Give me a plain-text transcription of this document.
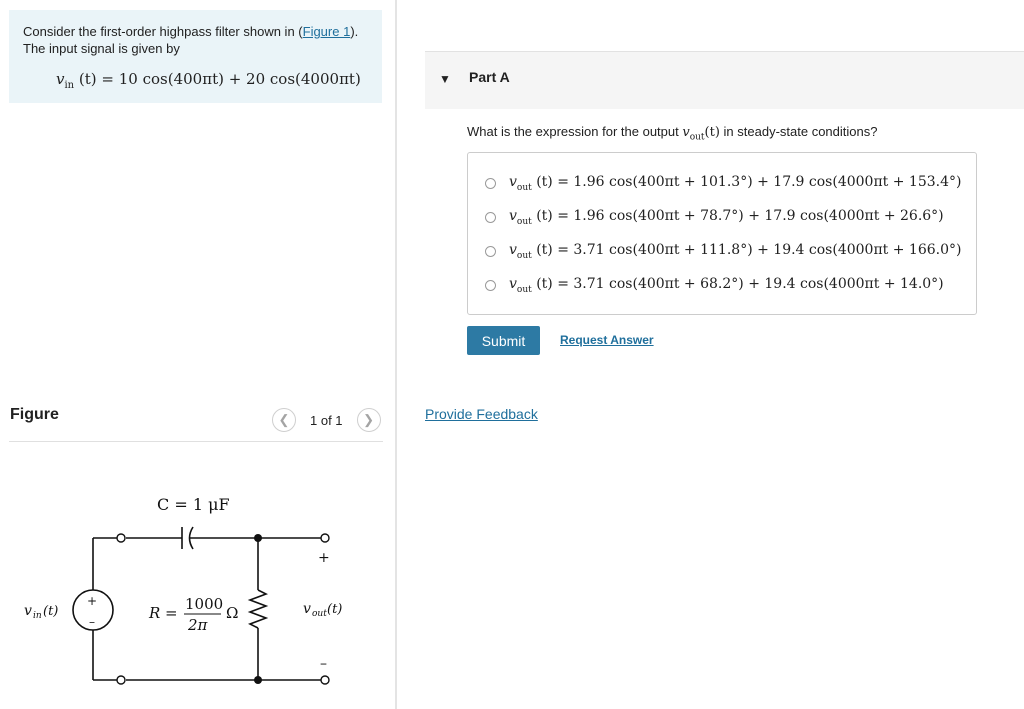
Consider the first-order highpass filter shown in (Figure 1). The input signal is given by
$v_{in}$ (t) = 10 cos(400πt) + 20 cos(4000πt)
Figure	❮	1 of 1	❯
C = 1 μF
+
–
v in (t)	R = 1000
2π
Ω
+
–
v out (t)
▼ Part A
What is the expression for the output $v_{out}(t)$ in steady-state conditions?
$v_{out}$ (t) = 1.96 cos(400πt + 101.3°) + 17.9 cos(4000πt + 153.4°)
$v_{out}$ (t) = 1.96 cos(400πt + 78.7°) + 17.9 cos(4000πt + 26.6°)
$v_{out}$ (t) = 3.71 cos(400πt + 111.8°) + 19.4 cos(4000πt + 166.0°)
$v_{out}$ (t) = 3.71 cos(400πt + 68.2°) + 19.4 cos(4000πt + 14.0°)
Submit	Request Answer
Provide Feedback
